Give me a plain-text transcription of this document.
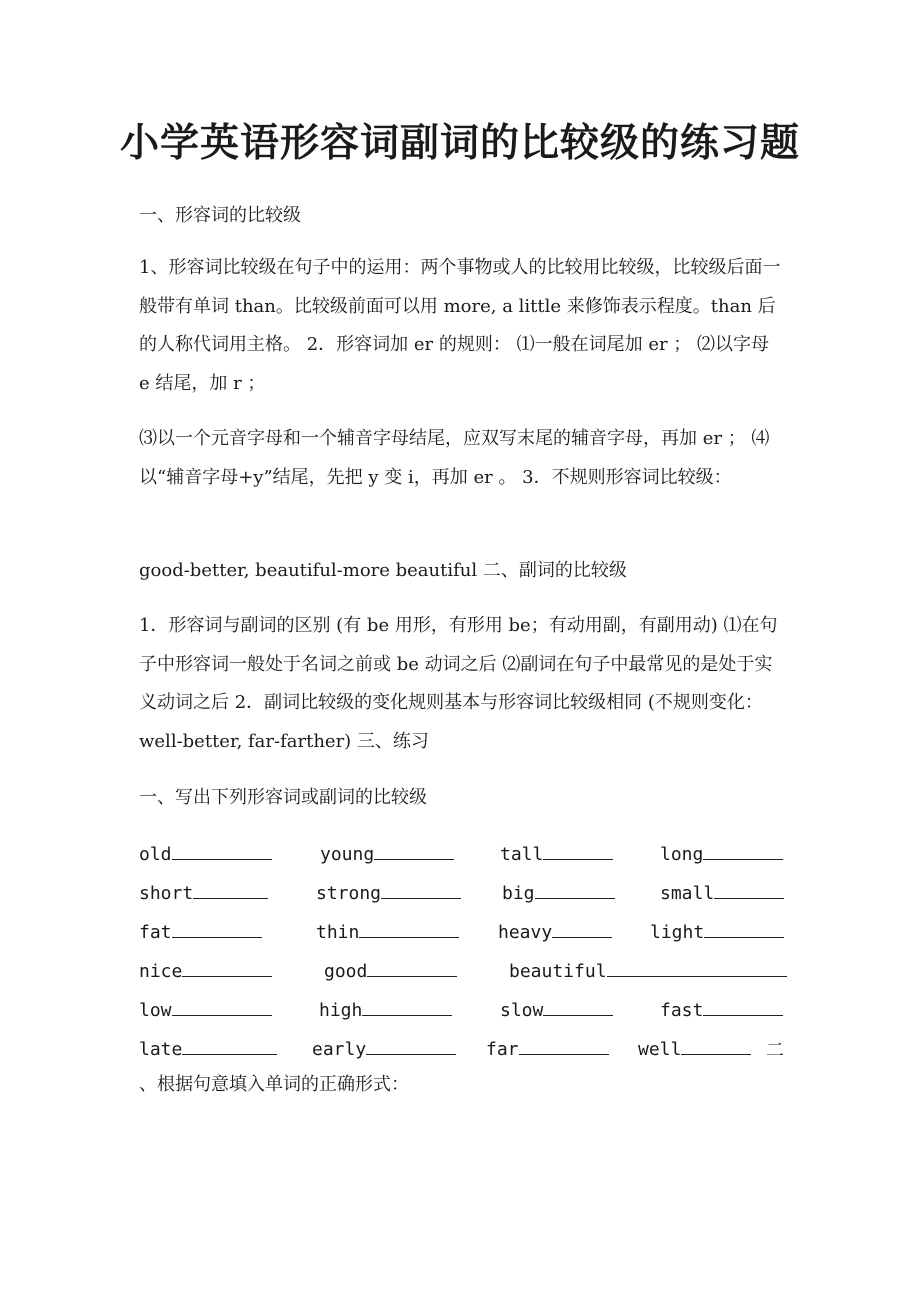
小学英语形容词副词的比较级的练习题

一、形容词的比较级

1、形容词比较级在句子中的运用：两个事物或人的比较用比较级，比较级后面一般带有单词 than。比较级前面可以用 more, a little 来修饰表示程度。than 后的人称代词用主格。 2．形容词加 er 的规则： ⑴一般在词尾加 er ； ⑵以字母 e 结尾，加 r ；

⑶以一个元音字母和一个辅音字母结尾，应双写末尾的辅音字母，再加 er ； ⑷以“辅音字母+y”结尾，先把 y 变 i，再加 er 。 3．不规则形容词比较级：

good-better, beautiful-more beautiful 二、副词的比较级

1．形容词与副词的区别 (有 be 用形，有形用 be；有动用副，有副用动) ⑴在句子中形容词一般处于名词之前或 be 动词之后 ⑵副词在句子中最常见的是处于实义动词之后 2．副词比较级的变化规则基本与形容词比较级相同 (不规则变化：well-better, far-farther) 三、练习

一、写出下列形容词或副词的比较级

old	young	tall	long
short	strong	big	small
fat	thin	heavy	light
nice	good	beautiful
low	high	slow	fast
late	early	far	well	二

、根据句意填入单词的正确形式：
